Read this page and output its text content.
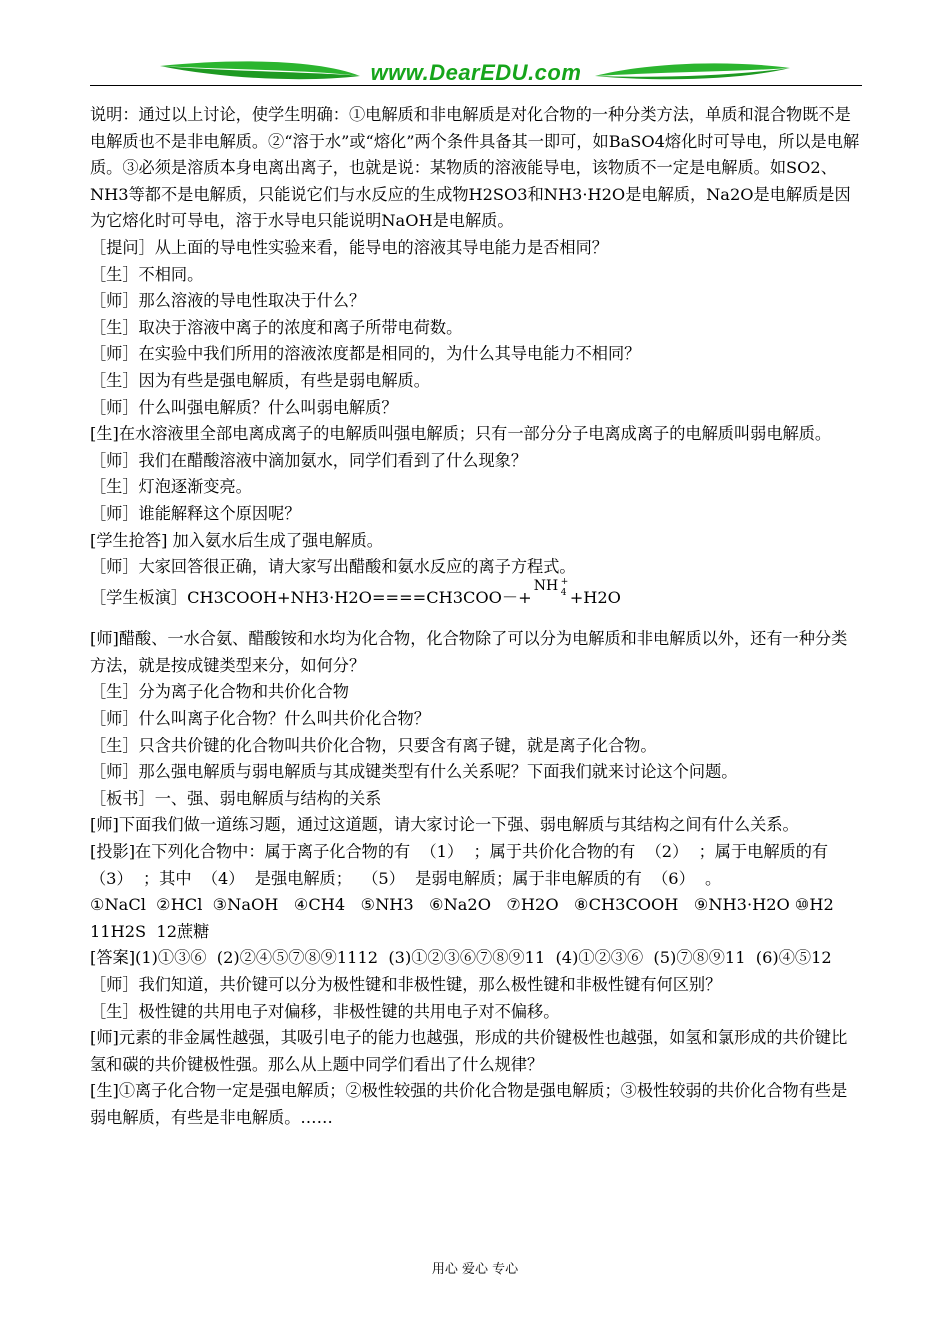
www.DearEDU.com

说明：通过以上讨论，使学生明确：①电解质和非电解质是对化合物的一种分类方法，单质和混合物既不是电解质也不是非电解质。②“溶于水”或“熔化”两个条件具备其一即可，如BaSO4熔化时可导电，所以是电解质。③必须是溶质本身电离出离子，也就是说：某物质的溶液能导电，该物质不一定是电解质。如SO2、NH3等都不是电解质，只能说它们与水反应的生成物H2SO3和NH3·H2O是电解质，Na2O是电解质是因为它熔化时可导电，溶于水导电只能说明NaOH是电解质。

［提问］从上面的导电性实验来看，能导电的溶液其导电能力是否相同？

［生］不相同。

［师］那么溶液的导电性取决于什么？

［生］取决于溶液中离子的浓度和离子所带电荷数。

［师］在实验中我们所用的溶液浓度都是相同的，为什么其导电能力不相同？

［生］因为有些是强电解质，有些是弱电解质。

［师］什么叫强电解质？什么叫弱电解质？

[生]在水溶液里全部电离成离子的电解质叫强电解质；只有一部分分子电离成离子的电解质叫弱电解质。

［师］我们在醋酸溶液中滴加氨水，同学们看到了什么现象？

［生］灯泡逐渐变亮。

［师］谁能解释这个原因呢？

[学生抢答] 加入氨水后生成了强电解质。

［师］大家回答很正确，请大家写出醋酸和氨水反应的离子方程式。

［学生板演］CH3COOH+NH3·H2O====CH3COO－+
NH +
4 +H2O

[师]醋酸、一水合氨、醋酸铵和水均为化合物，化合物除了可以分为电解质和非电解质以外，还有一种分类方法，就是按成键类型来分，如何分？

［生］分为离子化合物和共价化合物

［师］什么叫离子化合物？什么叫共价化合物？

［生］只含共价键的化合物叫共价化合物，只要含有离子键，就是离子化合物。

［师］那么强电解质与弱电解质与其成键类型有什么关系呢？下面我们就来讨论这个问题。

［板书］一、强、弱电解质与结构的关系

[师]下面我们做一道练习题，通过这道题，请大家讨论一下强、弱电解质与其结构之间有什么关系。

[投影]在下列化合物中：属于离子化合物的有  （1）  ；属于共价化合物的有  （2）  ；属于电解质的有  （3）  ；其中  （4）  是强电解质；  （5）  是弱电解质；属于非电解质的有  （6）  。

①NaCl  ②HCl  ③NaOH   ④CH4   ⑤NH3   ⑥Na2O   ⑦H2O   ⑧CH3COOH   ⑨NH3·H2O ⑩H2  11H2S  12蔗糖

[答案](1)①③⑥  (2)②④⑤⑦⑧⑨1112  (3)①②③⑥⑦⑧⑨11  (4)①②③⑥  (5)⑦⑧⑨11  (6)④⑤12

［师］我们知道，共价键可以分为极性键和非极性键，那么极性键和非极性键有何区别？

［生］极性键的共用电子对偏移，非极性键的共用电子对不偏移。

[师]元素的非金属性越强，其吸引电子的能力也越强，形成的共价键极性也越强，如氢和氯形成的共价键比氢和碳的共价键极性强。那么从上题中同学们看出了什么规律？

[生]①离子化合物一定是强电解质；②极性较强的共价化合物是强电解质；③极性较弱的共价化合物有些是弱电解质，有些是非电解质。……

用心 爱心 专心
